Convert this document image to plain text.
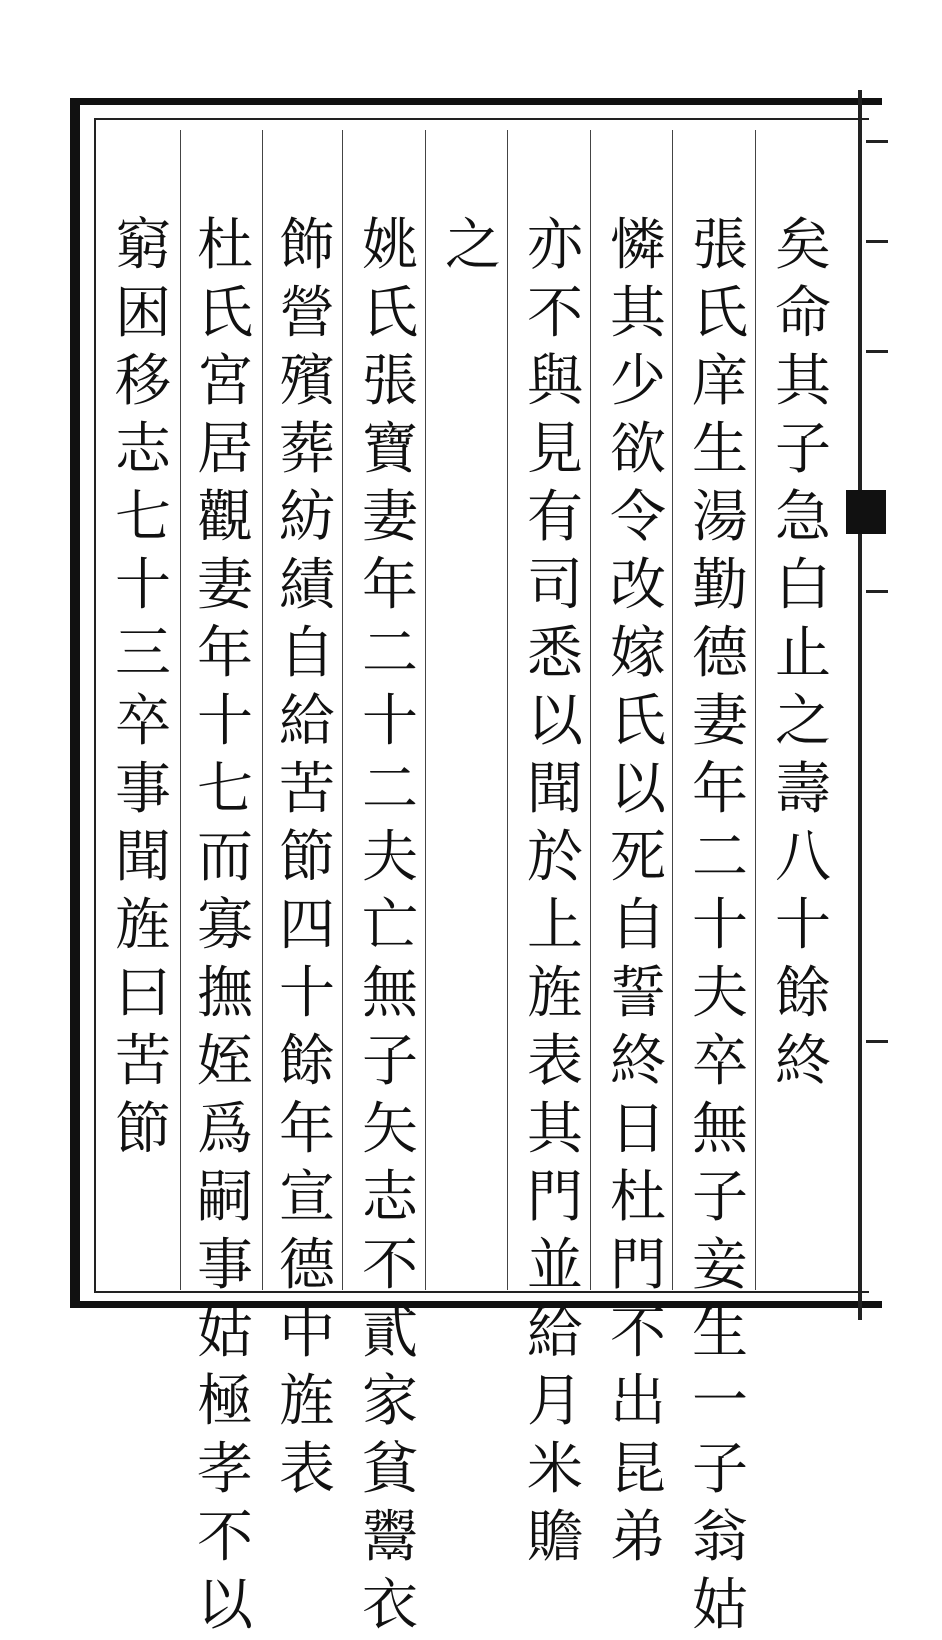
矣
命
其
子
急
白
止
之
壽
八
十
餘
終
張
氏
庠
生
湯
勤
德
妻
年
二
十
夫
卒
無
子
妾
生
一
子
翁
姑
憐
其
少
欲
令
改
嫁
氏
以
死
自
誓
終
日
杜
門
不
出
昆
弟
亦
不
與
見
有
司
悉
以
聞
於
上
旌
表
其
門
並
給
月
米
贍
之
姚
氏
張
寶
妻
年
二
十
二
夫
亡
無
子
矢
志
不
貳
家
貧
鬻
衣
飾
營
殯
葬
紡
績
自
給
苦
節
四
十
餘
年
宣
德
中
旌
表
杜
氏
宮
居
觀
妻
年
十
七
而
寡
撫
姪
爲
嗣
事
姑
極
孝
不
以
窮
困
移
志
七
十
三
卒
事
聞
旌
曰
苦
節
